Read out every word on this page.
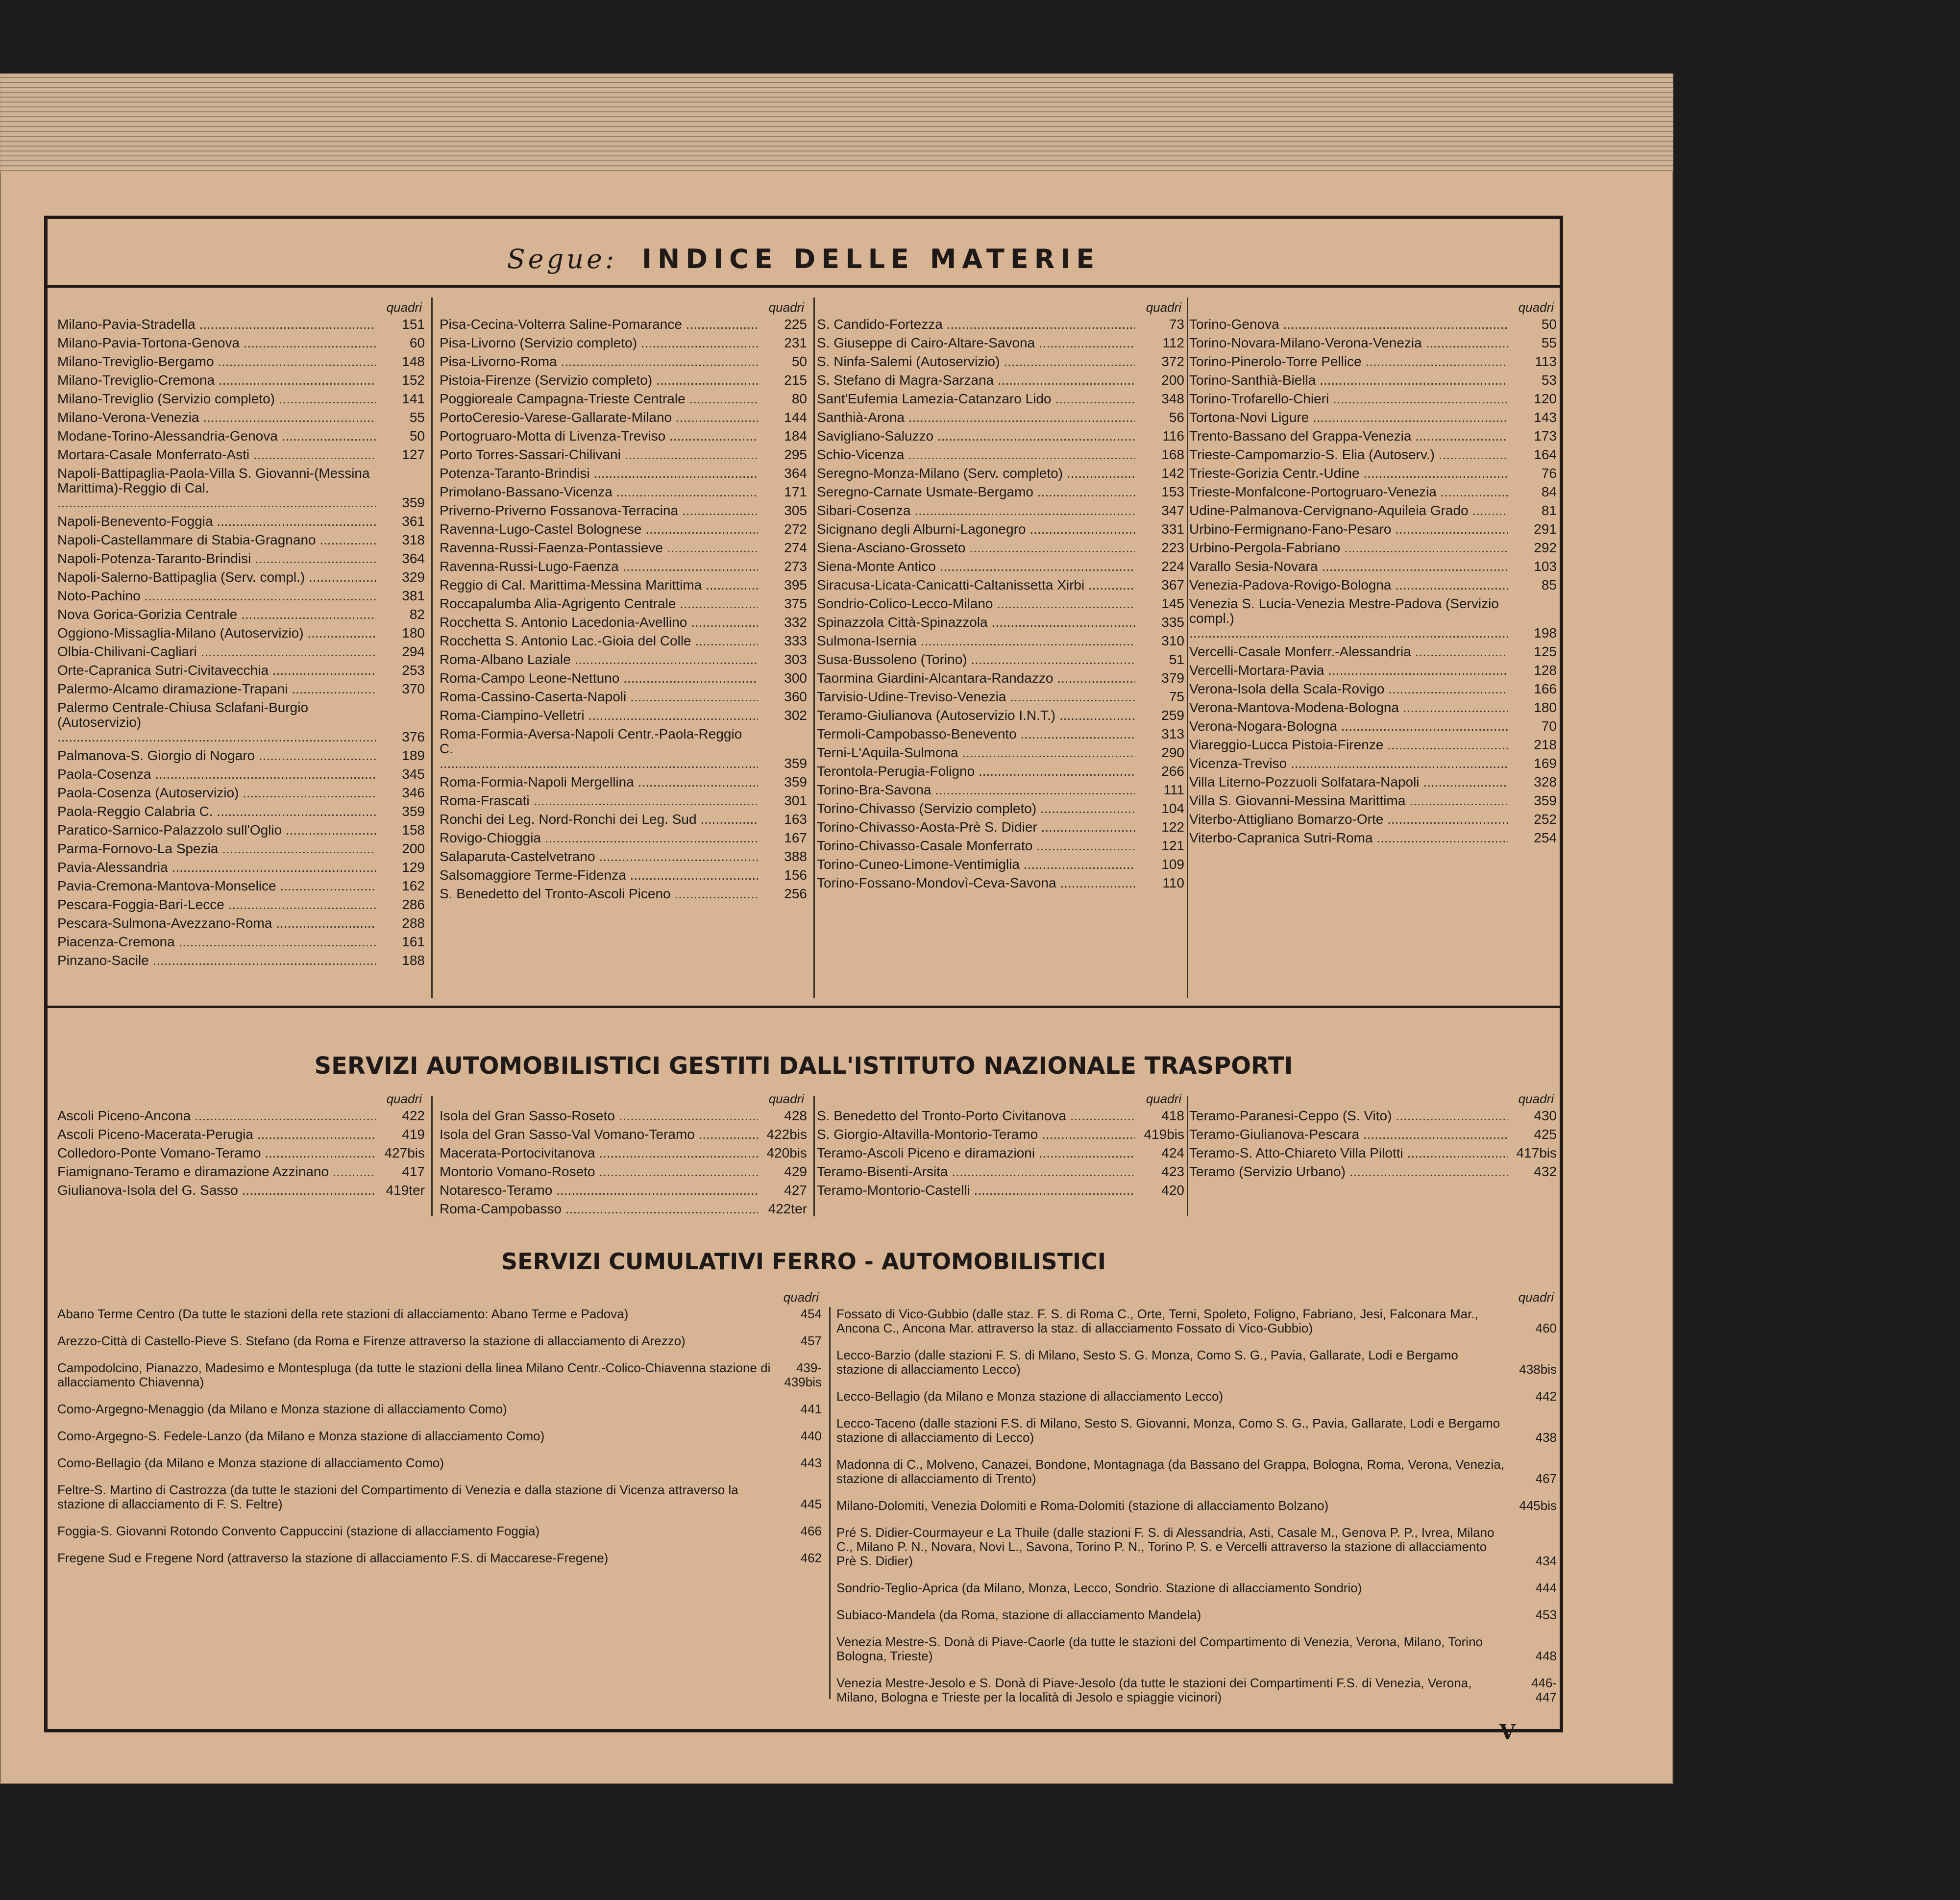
Segue: INDICE DELLE MATERIE
quadri
Milano-Pavia-Stradella .....	151
Milano-Pavia-Tortona-Genova .....	60
Milano-Treviglio-Bergamo .....	148
Milano-Treviglio-Cremona .....	152
Milano-Treviglio (Servizio completo) .....	141
Milano-Verona-Venezia .....	55
Modane-Torino-Alessandria-Genova .....	50
Mortara-Casale Monferrato-Asti .....	127
Napoli-Battipaglia-Paola-Villa S. Giovanni-(Messina Marittima)-Reggio di Cal. .....
359
Napoli-Benevento-Foggia .....	361
Napoli-Castellammare di Stabia-Gragnano .....	318
Napoli-Potenza-Taranto-Brindisi .....	364
Napoli-Salerno-Battipaglia (Serv. compl.) .....	329
Noto-Pachino .....	381
Nova Gorica-Gorizia Centrale .....	82
Oggiono-Missaglia-Milano (Autoservizio) .....	180
Olbia-Chilivani-Cagliari .....	294
Orte-Capranica Sutri-Civitavecchia .....	253
Palermo-Alcamo diramazione-Trapani .....	370
Palermo Centrale-Chiusa Sclafani-Burgio (Autoservizio) .....
376
Palmanova-S. Giorgio di Nogaro .....	189
Paola-Cosenza .....	345
Paola-Cosenza (Autoservizio) .....	346
Paola-Reggio Calabria C. .....	359
Paratico-Sarnico-Palazzolo sull'Oglio .....	158
Parma-Fornovo-La Spezia .....	200
Pavia-Alessandria .....	129
Pavia-Cremona-Mantova-Monselice .....	162
Pescara-Foggia-Bari-Lecce .....	286
Pescara-Sulmona-Avezzano-Roma .....	288
Piacenza-Cremona .....	161
Pinzano-Sacile .....	188
quadri
Pisa-Cecina-Volterra Saline-Pomarance .....	225
Pisa-Livorno (Servizio completo) .....	231
Pisa-Livorno-Roma .....	50
Pistoia-Firenze (Servizio completo) .....	215
Poggioreale Campagna-Trieste Centrale .....	80
PortoCeresio-Varese-Gallarate-Milano .....	144
Portogruaro-Motta di Livenza-Treviso .....	184
Porto Torres-Sassari-Chilivani .....	295
Potenza-Taranto-Brindisi .....	364
Primolano-Bassano-Vicenza .....	171
Priverno-Priverno Fossanova-Terracina .....	305
Ravenna-Lugo-Castel Bolognese .....	272
Ravenna-Russi-Faenza-Pontassieve .....	274
Ravenna-Russi-Lugo-Faenza .....	273
Reggio di Cal. Marittima-Messina Marittima .....	395
Roccapalumba Alia-Agrigento Centrale .....	375
Rocchetta S. Antonio Lacedonia-Avellino .....	332
Rocchetta S. Antonio Lac.-Gioia del Colle .....	333
Roma-Albano Laziale .....	303
Roma-Campo Leone-Nettuno .....	300
Roma-Cassino-Caserta-Napoli .....	360
Roma-Ciampino-Velletri .....	302
Roma-Formia-Aversa-Napoli Centr.-Paola-Reggio C. .....
359
Roma-Formia-Napoli Mergellina .....	359
Roma-Frascati .....	301
Ronchi dei Leg. Nord-Ronchi dei Leg. Sud .....	163
Rovigo-Chioggia .....	167
Salaparuta-Castelvetrano .....	388
Salsomaggiore Terme-Fidenza .....	156
S. Benedetto del Tronto-Ascoli Piceno .....	256
quadri
S. Candido-Fortezza .....	73
S. Giuseppe di Cairo-Altare-Savona .....	112
S. Ninfa-Salemi (Autoservizio) .....	372
S. Stefano di Magra-Sarzana .....	200
Sant'Eufemia Lamezia-Catanzaro Lido .....	348
Santhià-Arona .....	56
Savigliano-Saluzzo .....	116
Schio-Vicenza .....	168
Seregno-Monza-Milano (Serv. completo) .....	142
Seregno-Carnate Usmate-Bergamo .....	153
Sibari-Cosenza .....	347
Sicignano degli Alburni-Lagonegro .....	331
Siena-Asciano-Grosseto .....	223
Siena-Monte Antico .....	224
Siracusa-Licata-Canicatti-Caltanissetta Xirbi .....	367
Sondrio-Colico-Lecco-Milano .....	145
Spinazzola Città-Spinazzola .....	335
Sulmona-Isernia .....	310
Susa-Bussoleno (Torino) .....	51
Taormina Giardini-Alcantara-Randazzo .....	379
Tarvisio-Udine-Treviso-Venezia .....	75
Teramo-Giulianova (Autoservizio I.N.T.) .....	259
Termoli-Campobasso-Benevento .....	313
Terni-L'Aquila-Sulmona .....	290
Terontola-Perugia-Foligno .....	266
Torino-Bra-Savona .....	111
Torino-Chivasso (Servizio completo) .....	104
Torino-Chivasso-Aosta-Prè S. Didier .....	122
Torino-Chivasso-Casale Monferrato .....	121
Torino-Cuneo-Limone-Ventimiglia .....	109
Torino-Fossano-Mondovì-Ceva-Savona .....	110
quadri
Torino-Genova .....	50
Torino-Novara-Milano-Verona-Venezia .....	55
Torino-Pinerolo-Torre Pellice .....	113
Torino-Santhià-Biella .....	53
Torino-Trofarello-Chieri .....	120
Tortona-Novi Ligure .....	143
Trento-Bassano del Grappa-Venezia .....	173
Trieste-Campomarzio-S. Elia (Autoserv.) .....	164
Trieste-Gorizia Centr.-Udine .....	76
Trieste-Monfalcone-Portogruaro-Venezia .....	84
Udine-Palmanova-Cervignano-Aquileia Grado .....	81
Urbino-Fermignano-Fano-Pesaro .....	291
Urbino-Pergola-Fabriano .....	292
Varallo Sesia-Novara .....	103
Venezia-Padova-Rovigo-Bologna .....	85
Venezia S. Lucia-Venezia Mestre-Padova (Servizio compl.) .....
198
Vercelli-Casale Monferr.-Alessandria .....	125
Vercelli-Mortara-Pavia .....	128
Verona-Isola della Scala-Rovigo .....	166
Verona-Mantova-Modena-Bologna .....	180
Verona-Nogara-Bologna .....	70
Viareggio-Lucca Pistoia-Firenze .....	218
Vicenza-Treviso .....	169
Villa Literno-Pozzuoli Solfatara-Napoli .....	328
Villa S. Giovanni-Messina Marittima .....	359
Viterbo-Attigliano Bomarzo-Orte .....	252
Viterbo-Capranica Sutri-Roma .....	254
SERVIZI AUTOMOBILISTICI GESTITI DALL'ISTITUTO NAZIONALE TRASPORTI
quadri
Ascoli Piceno-Ancona .....	422
Ascoli Piceno-Macerata-Perugia .....	419
Colledoro-Ponte Vomano-Teramo .....	427bis
Fiamignano-Teramo e diramazione Azzinano .....	417
Giulianova-Isola del G. Sasso .....	419ter
quadri
Isola del Gran Sasso-Roseto .....	428
Isola del Gran Sasso-Val Vomano-Teramo .....	422bis
Macerata-Portocivitanova .....	420bis
Montorio Vomano-Roseto .....	429
Notaresco-Teramo .....	427
Roma-Campobasso .....	422ter
quadri
S. Benedetto del Tronto-Porto Civitanova .....	418
S. Giorgio-Altavilla-Montorio-Teramo .....	419bis
Teramo-Ascoli Piceno e diramazioni .....	424
Teramo-Bisenti-Arsita .....	423
Teramo-Montorio-Castelli .....	420
quadri
Teramo-Paranesi-Ceppo (S. Vito) .....	430
Teramo-Giulianova-Pescara .....	425
Teramo-S. Atto-Chiareto Villa Pilotti .....	417bis
Teramo (Servizio Urbano) .....	432
SERVIZI CUMULATIVI FERRO - AUTOMOBILISTICI
quadri
Abano Terme Centro (Da tutte le stazioni della rete stazioni di allacciamento: Abano Terme e Padova)	454
Arezzo-Città di Castello-Pieve S. Stefano (da Roma e Firenze attraverso la stazione di allacciamento di Arezzo)	457
Campodolcino, Pianazzo, Madesimo e Montespluga (da tutte le stazioni della linea Milano Centr.-Colico-Chiavenna stazione di allacciamento Chiavenna)
439-439bis
Como-Argegno-Menaggio (da Milano e Monza stazione di allacciamento Como)	441
Como-Argegno-S. Fedele-Lanzo (da Milano e Monza stazione di allacciamento Como)	440
Como-Bellagio (da Milano e Monza stazione di allacciamento Como)	443
Feltre-S. Martino di Castrozza (da tutte le stazioni del Compartimento di Venezia e dalla stazione di Vicenza attraverso la stazione di allacciamento di F. S. Feltre)	445
Foggia-S. Giovanni Rotondo Convento Cappuccini (stazione di allacciamento Foggia)	466
Fregene Sud e Fregene Nord (attraverso la stazione di allacciamento F.S. di Maccarese-Fregene)	462
quadri
Fossato di Vico-Gubbio (dalle staz. F. S. di Roma C., Orte, Terni, Spoleto, Foligno, Fabriano, Jesi, Falconara Mar., Ancona C., Ancona Mar. attraverso la staz. di allacciamento Fossato di Vico-Gubbio)	460
Lecco-Barzio (dalle stazioni F. S. di Milano, Sesto S. G. Monza, Como S. G., Pavia, Gallarate, Lodi e Bergamo stazione di allacciamento Lecco)	438bis
Lecco-Bellagio (da Milano e Monza stazione di allacciamento Lecco)	442
Lecco-Taceno (dalle stazioni F.S. di Milano, Sesto S. Giovanni, Monza, Como S. G., Pavia, Gallarate, Lodi e Bergamo stazione di allacciamento di Lecco)	438
Madonna di C., Molveno, Canazei, Bondone, Montagnaga (da Bassano del Grappa, Bologna, Roma, Verona, Venezia, stazione di allacciamento di Trento)	467
Milano-Dolomiti, Venezia Dolomiti e Roma-Dolomiti (stazione di allacciamento Bolzano)	445bis
Pré S. Didier-Courmayeur e La Thuile (dalle stazioni F. S. di Alessandria, Asti, Casale M., Genova P. P., Ivrea, Milano C., Milano P. N., Novara, Novi L., Savona, Torino P. N., Torino P. S. e Vercelli attraverso la stazione di allacciamento Prè S. Didier)	434
Sondrio-Teglio-Aprica (da Milano, Monza, Lecco, Sondrio. Stazione di allacciamento Sondrio)	444
Subiaco-Mandela (da Roma, stazione di allacciamento Mandela)	453
Venezia Mestre-S. Donà di Piave-Caorle (da tutte le stazioni del Compartimento di Venezia, Verona, Milano, Torino Bologna, Trieste)	448
Venezia Mestre-Jesolo e S. Donà di Piave-Jesolo (da tutte le stazioni dei Compartimenti F.S. di Venezia, Verona, Milano, Bologna e Trieste per la località di Jesolo e spiaggie vicinori)
446-447
V
